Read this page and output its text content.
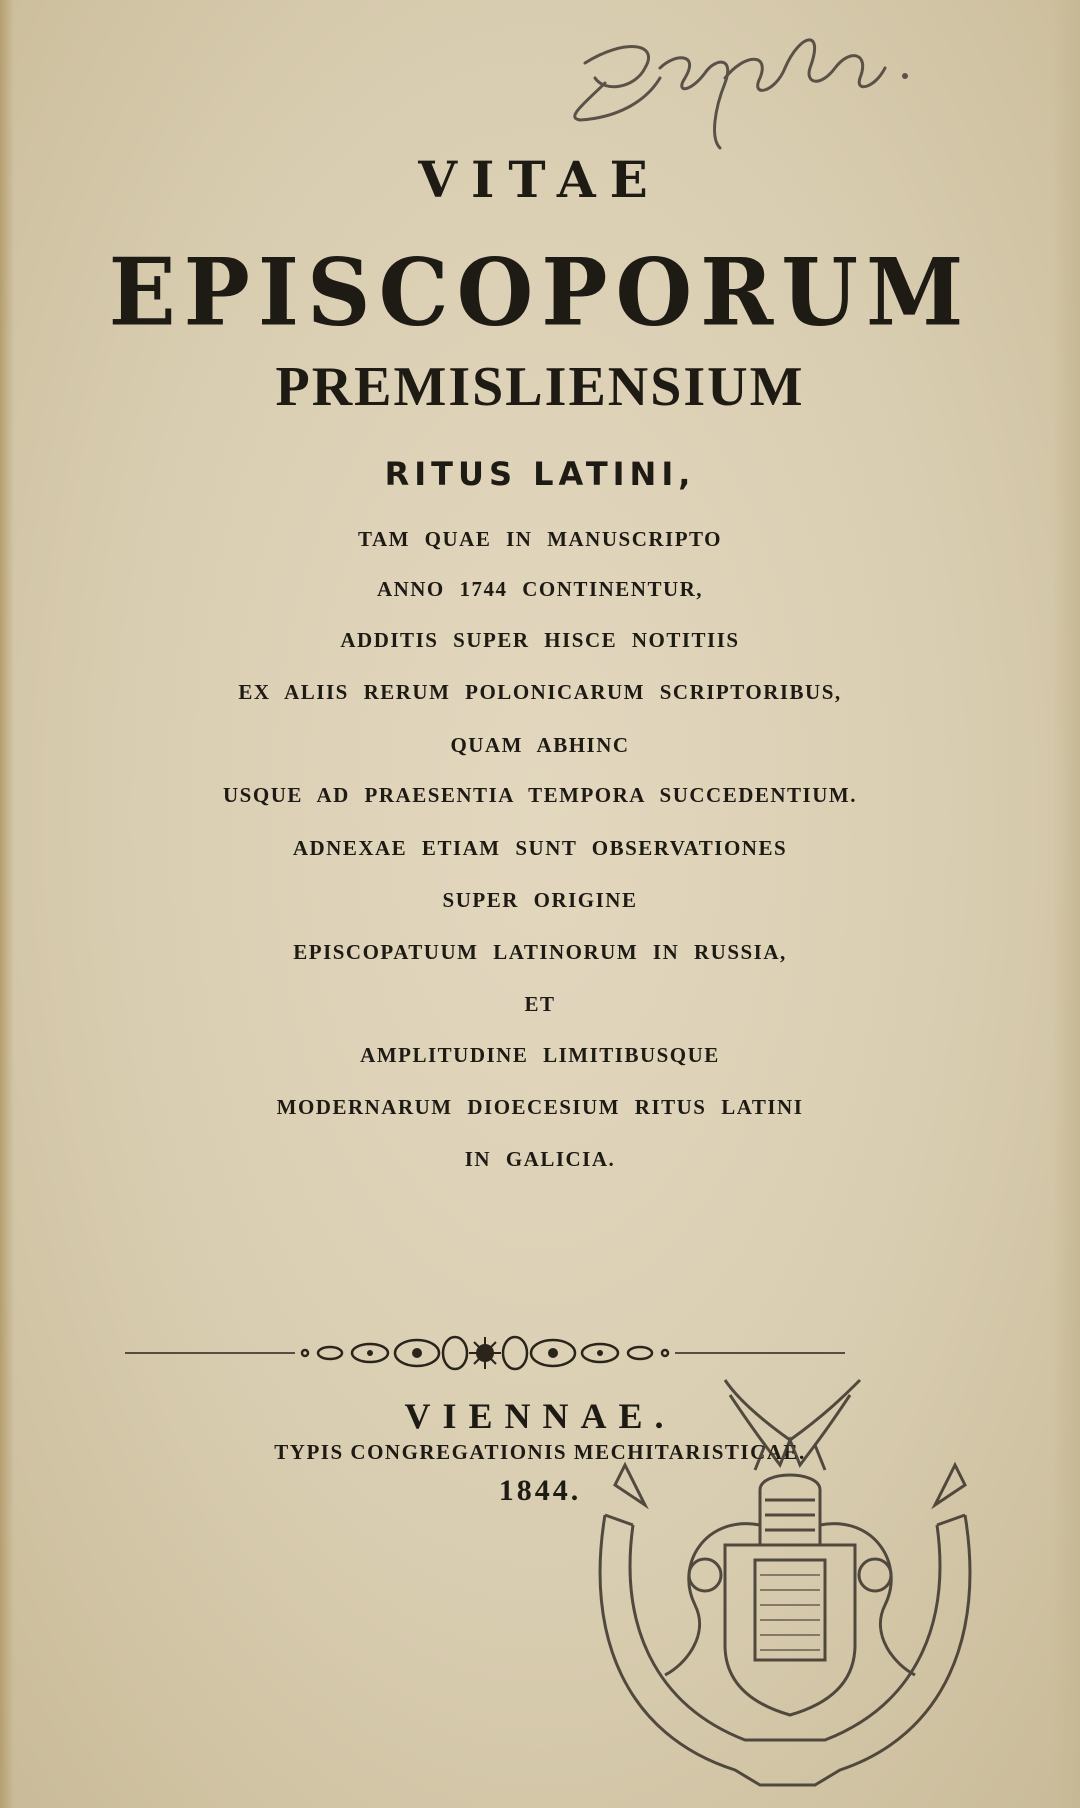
VITAE
EPISCOPORUM
PREMISLIENSIUM
RITUS LATINI,
TAM QUAE IN MANUSCRIPTO
ANNO 1744 CONTINENTUR,
ADDITIS SUPER HISCE NOTITIIS
EX ALIIS RERUM POLONICARUM SCRIPTORIBUS,
QUAM ABHINC
USQUE AD PRAESENTIA TEMPORA SUCCEDENTIUM.
ADNEXAE ETIAM SUNT OBSERVATIONES
SUPER ORIGINE
EPISCOPATUUM LATINORUM IN RUSSIA,
ET
AMPLITUDINE LIMITIBUSQUE
MODERNARUM DIOECESIUM RITUS LATINI
IN GALICIA.
VIENNAE.
TYPIS CONGREGATIONIS MECHITARISTICAE.
1844.
